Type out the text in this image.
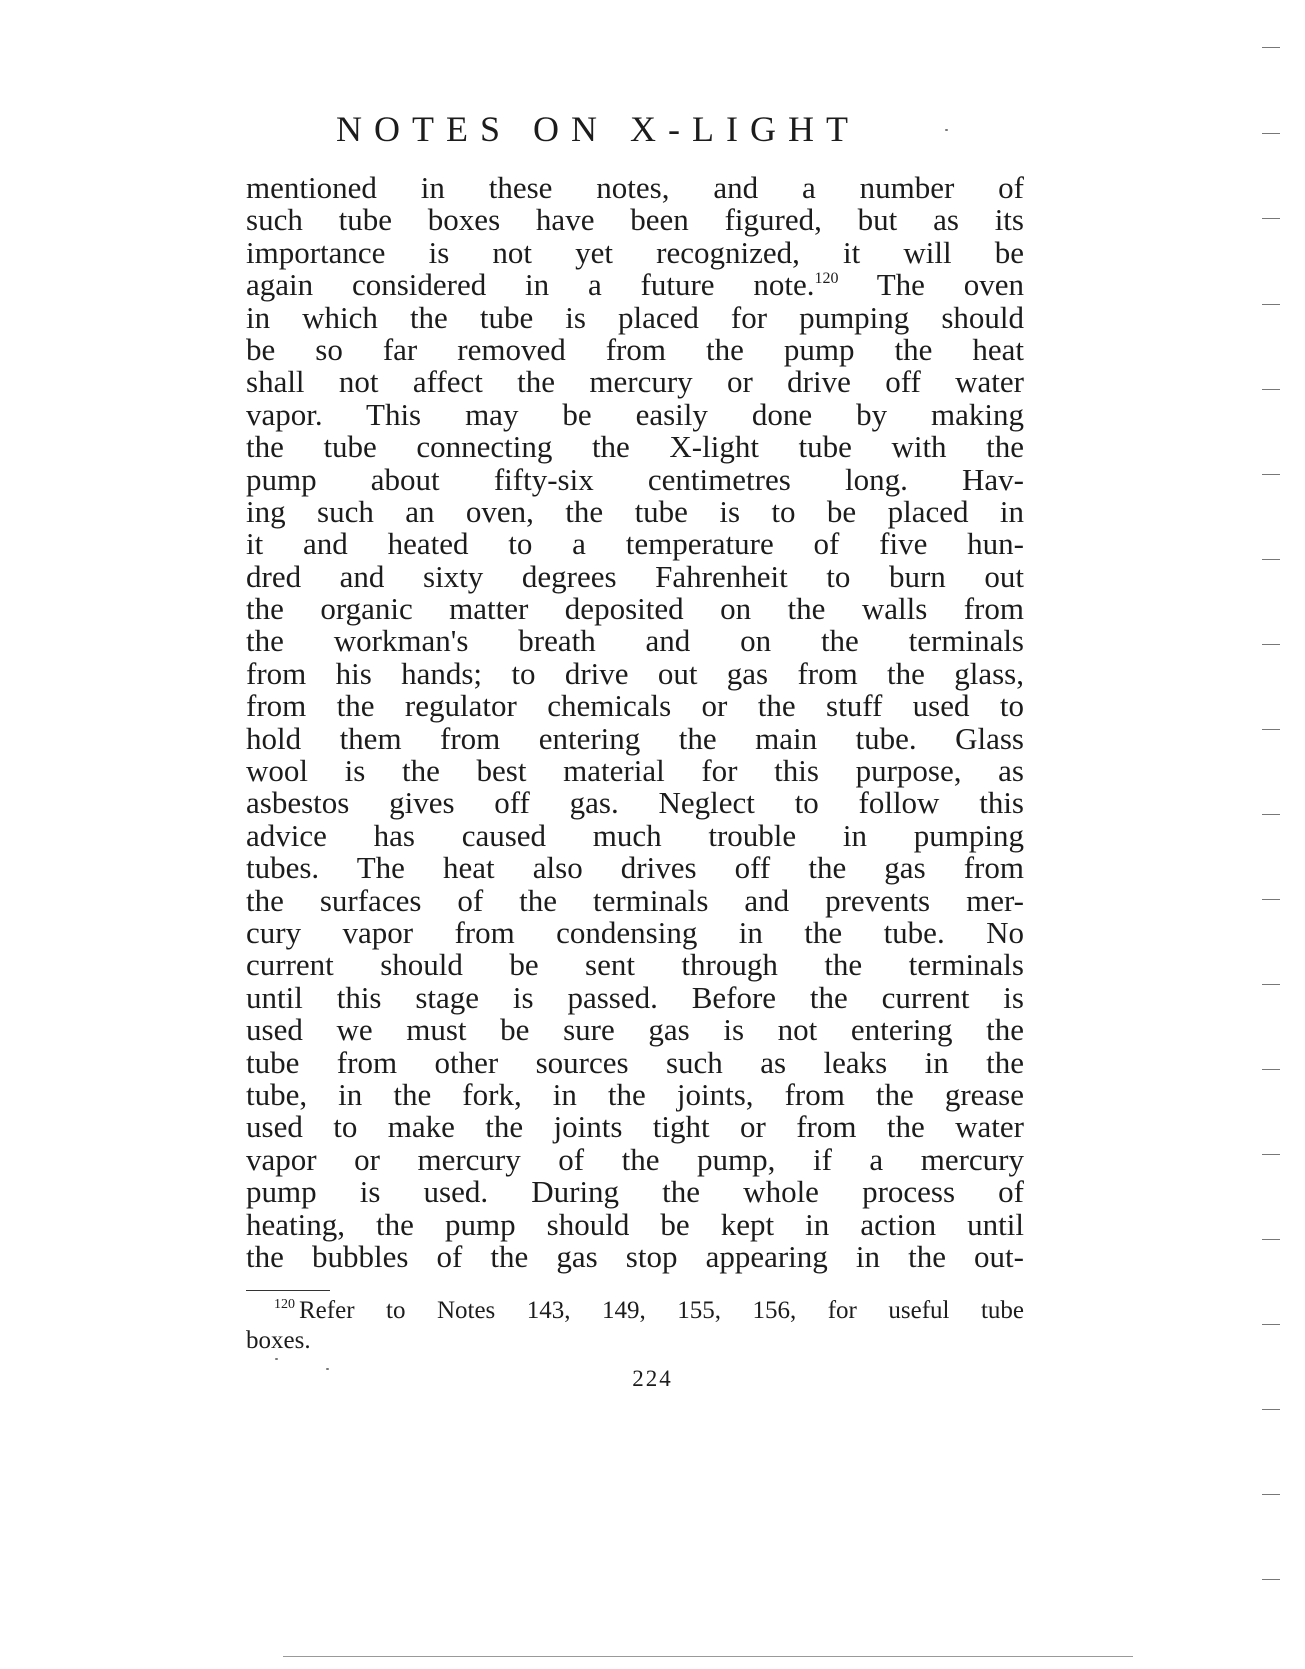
NOTES ON X-LIGHT
mentioned in these notes, and a number of
such tube boxes have been figured, but as its
importance is not yet recognized, it will be
again considered in a future note.$^{120}$ The oven
in which the tube is placed for pumping should
be so far removed from the pump the heat
shall not affect the mercury or drive off water
vapor. This may be easily done by making
the tube connecting the X-light tube with the
pump about fifty-six centimetres long. Hav-
ing such an oven, the tube is to be placed in
it and heated to a temperature of five hun-
dred and sixty degrees Fahrenheit to burn out
the organic matter deposited on the walls from
the workman's breath and on the terminals
from his hands; to drive out gas from the glass,
from the regulator chemicals or the stuff used to
hold them from entering the main tube. Glass
wool is the best material for this purpose, as
asbestos gives off gas. Neglect to follow this
advice has caused much trouble in pumping
tubes. The heat also drives off the gas from
the surfaces of the terminals and prevents mer-
cury vapor from condensing in the tube. No
current should be sent through the terminals
until this stage is passed. Before the current is
used we must be sure gas is not entering the
tube from other sources such as leaks in the
tube, in the fork, in the joints, from the grease
used to make the joints tight or from the water
vapor or mercury of the pump, if a mercury
pump is used. During the whole process of
heating, the pump should be kept in action until
the bubbles of the gas stop appearing in the out-
$^{120}$ Refer to Notes 143, 149, 155, 156, for useful tube
boxes.
224
